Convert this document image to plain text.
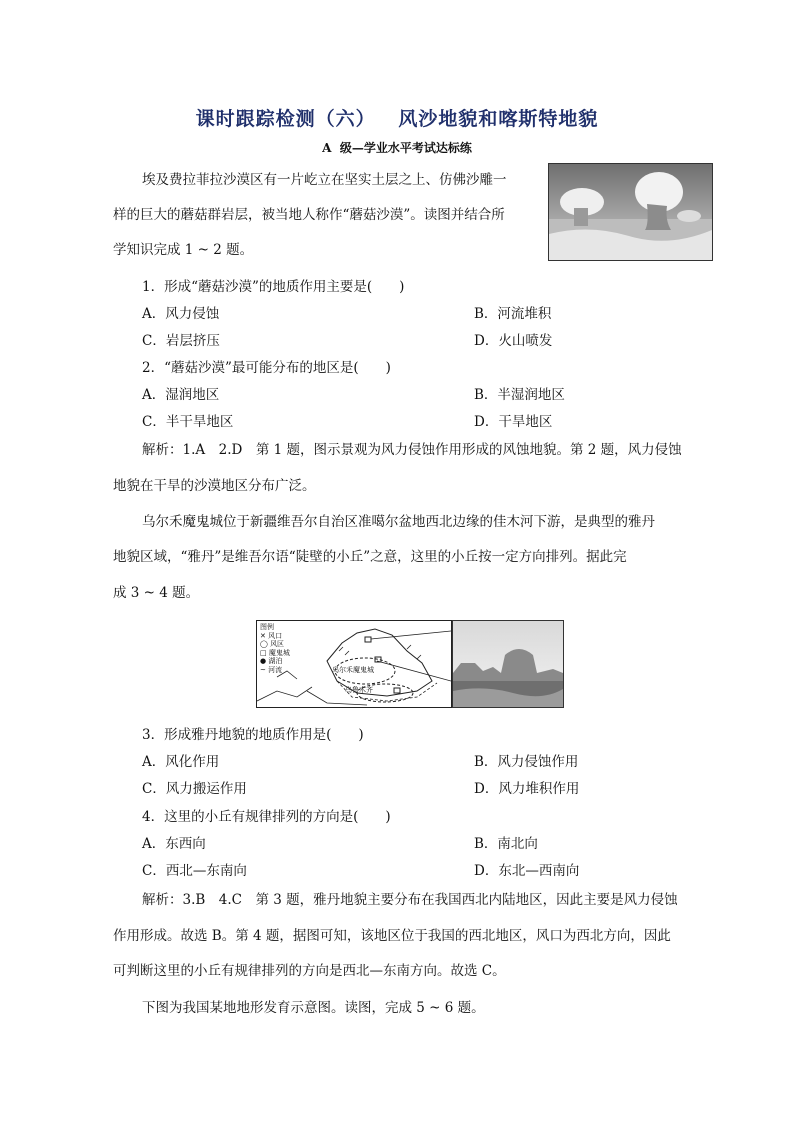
课时跟踪检测（六）   风沙地貌和喀斯特地貌
A  级—学业水平考试达标练
埃及费拉菲拉沙漠区有一片屹立在坚实土层之上、仿佛沙雕一
样的巨大的蘑菇群岩层，被当地人称作“蘑菇沙漠”。读图并结合所
学知识完成 1 ~ 2 题。
1．形成“蘑菇沙漠”的地质作用主要是(　　)
A．风力侵蚀	B．河流堆积
C．岩层挤压	D．火山喷发
2．“蘑菇沙漠”最可能分布的地区是(　　)
A．湿润地区	B．半湿润地区
C．半干旱地区	D．干旱地区
解析：1.A　2.D　第 1 题，图示景观为风力侵蚀作用形成的风蚀地貌。第 2 题，风力侵蚀
地貌在干旱的沙漠地区分布广泛。
乌尔禾魔鬼城位于新疆维吾尔自治区准噶尔盆地西北边缘的佳木河下游，是典型的雅丹
地貌区域，“雅丹”是维吾尔语“陡壁的小丘”之意，这里的小丘按一定方向排列。据此完
成 3 ~ 4 题。
图例
✕ 风口
◯ 风区
□ 魔鬼城
● 湖泊
~ 河流	乌尔禾魔鬼城
乌鲁木齐
3．形成雅丹地貌的地质作用是(　　)
A．风化作用	B．风力侵蚀作用
C．风力搬运作用	D．风力堆积作用
4．这里的小丘有规律排列的方向是(　　)
A．东西向	B．南北向
C．西北—东南向	D．东北—西南向
解析：3.B　4.C　第 3 题，雅丹地貌主要分布在我国西北内陆地区，因此主要是风力侵蚀
作用形成。故选 B。第 4 题，据图可知，该地区位于我国的西北地区，风口为西北方向，因此
可判断这里的小丘有规律排列的方向是西北—东南方向。故选 C。
下图为我国某地地形发育示意图。读图，完成 5 ~ 6 题。
